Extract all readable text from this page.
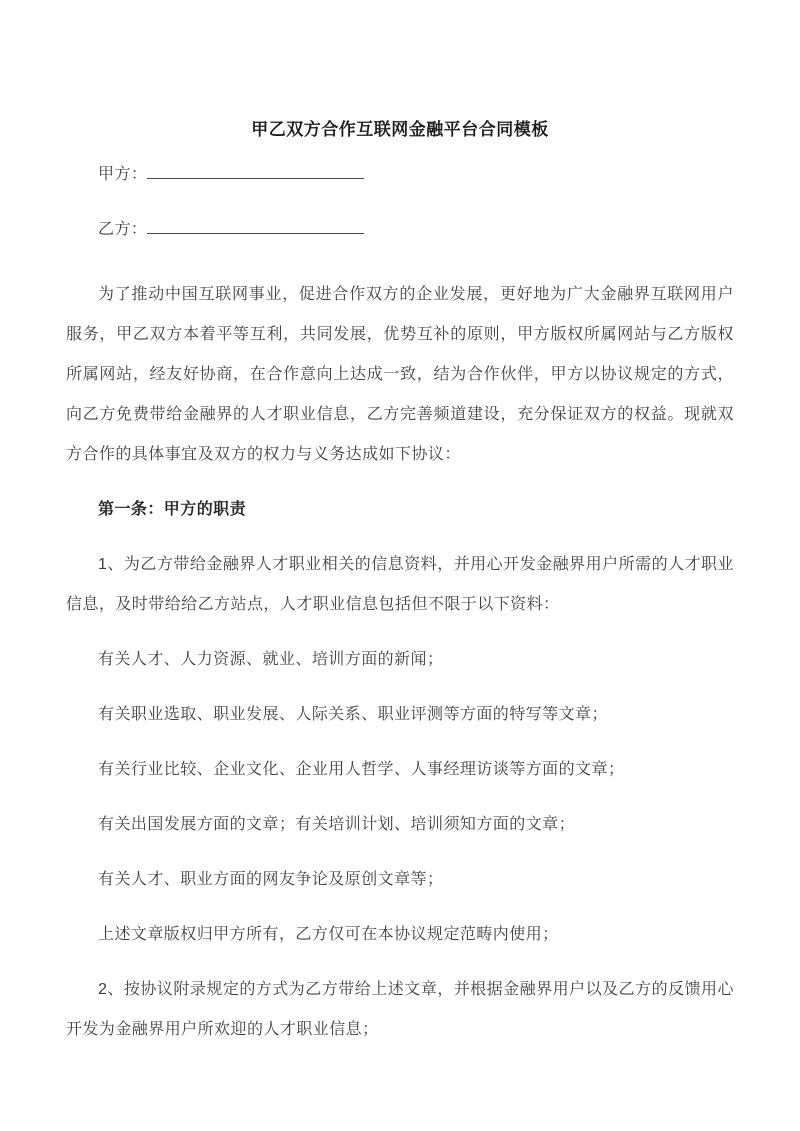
甲乙双方合作互联网金融平台合同模板

甲方：

乙方：

为了推动中国互联网事业，促进合作双方的企业发展，更好地为广大金融界互联网用户服务，甲乙双方本着平等互利，共同发展，优势互补的原则，甲方版权所属网站与乙方版权所属网站，经友好协商，在合作意向上达成一致，结为合作伙伴，甲方以协议规定的方式，向乙方免费带给金融界的人才职业信息，乙方完善频道建设，充分保证双方的权益。现就双方合作的具体事宜及双方的权力与义务达成如下协议：

第一条：甲方的职责

1、为乙方带给金融界人才职业相关的信息资料，并用心开发金融界用户所需的人才职业信息，及时带给给乙方站点，人才职业信息包括但不限于以下资料：

有关人才、人力资源、就业、培训方面的新闻；

有关职业选取、职业发展、人际关系、职业评测等方面的特写等文章；

有关行业比较、企业文化、企业用人哲学、人事经理访谈等方面的文章；

有关出国发展方面的文章；有关培训计划、培训须知方面的文章；

有关人才、职业方面的网友争论及原创文章等；

上述文章版权归甲方所有，乙方仅可在本协议规定范畴内使用；

2、按协议附录规定的方式为乙方带给上述文章，并根据金融界用户以及乙方的反馈用心开发为金融界用户所欢迎的人才职业信息；
